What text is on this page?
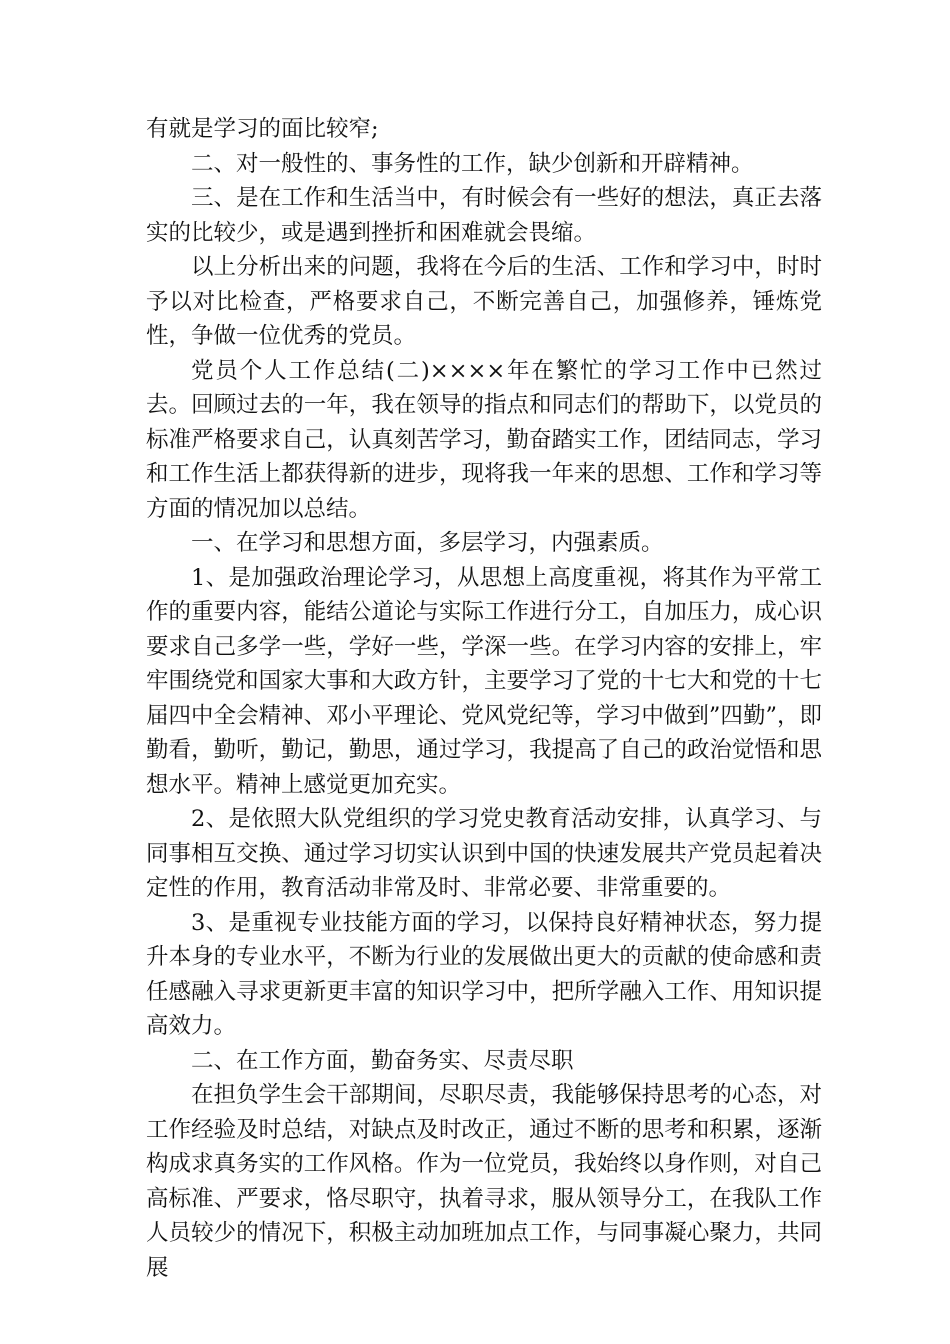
有就是学习的面比较窄;

二、对一般性的、事务性的工作，缺少创新和开辟精神。

三、是在工作和生活当中，有时候会有一些好的想法，真正去落实的比较少，或是遇到挫折和困难就会畏缩。

以上分析出来的问题，我将在今后的生活、工作和学习中，时时予以对比检查，严格要求自己，不断完善自己，加强修养，锤炼党性，争做一位优秀的党员。

党员个人工作总结(二)××××年在繁忙的学习工作中已然过去。回顾过去的一年，我在领导的指点和同志们的帮助下，以党员的标准严格要求自己，认真刻苦学习，勤奋踏实工作，团结同志，学习和工作生活上都获得新的进步，现将我一年来的思想、工作和学习等方面的情况加以总结。

一、在学习和思想方面，多层学习，内强素质。

1、是加强政治理论学习，从思想上高度重视，将其作为平常工作的重要内容，能结公道论与实际工作进行分工，自加压力，成心识要求自己多学一些，学好一些，学深一些。在学习内容的安排上，牢牢围绕党和国家大事和大政方针，主要学习了党的十七大和党的十七届四中全会精神、邓小平理论、党风党纪等，学习中做到”四勤”，即勤看，勤听，勤记，勤思，通过学习，我提高了自己的政治觉悟和思想水平。精神上感觉更加充实。

2、是依照大队党组织的学习党史教育活动安排，认真学习、与同事相互交换、通过学习切实认识到中国的快速发展共产党员起着决定性的作用，教育活动非常及时、非常必要、非常重要的。

3、是重视专业技能方面的学习，以保持良好精神状态，努力提升本身的专业水平，不断为行业的发展做出更大的贡献的使命感和责任感融入寻求更新更丰富的知识学习中，把所学融入工作、用知识提高效力。

二、在工作方面，勤奋务实、尽责尽职

在担负学生会干部期间，尽职尽责，我能够保持思考的心态，对工作经验及时总结，对缺点及时改正，通过不断的思考和积累，逐渐构成求真务实的工作风格。作为一位党员，我始终以身作则，对自己高标准、严要求，恪尽职守，执着寻求，服从领导分工，在我队工作人员较少的情况下，积极主动加班加点工作，与同事凝心聚力，共同展
